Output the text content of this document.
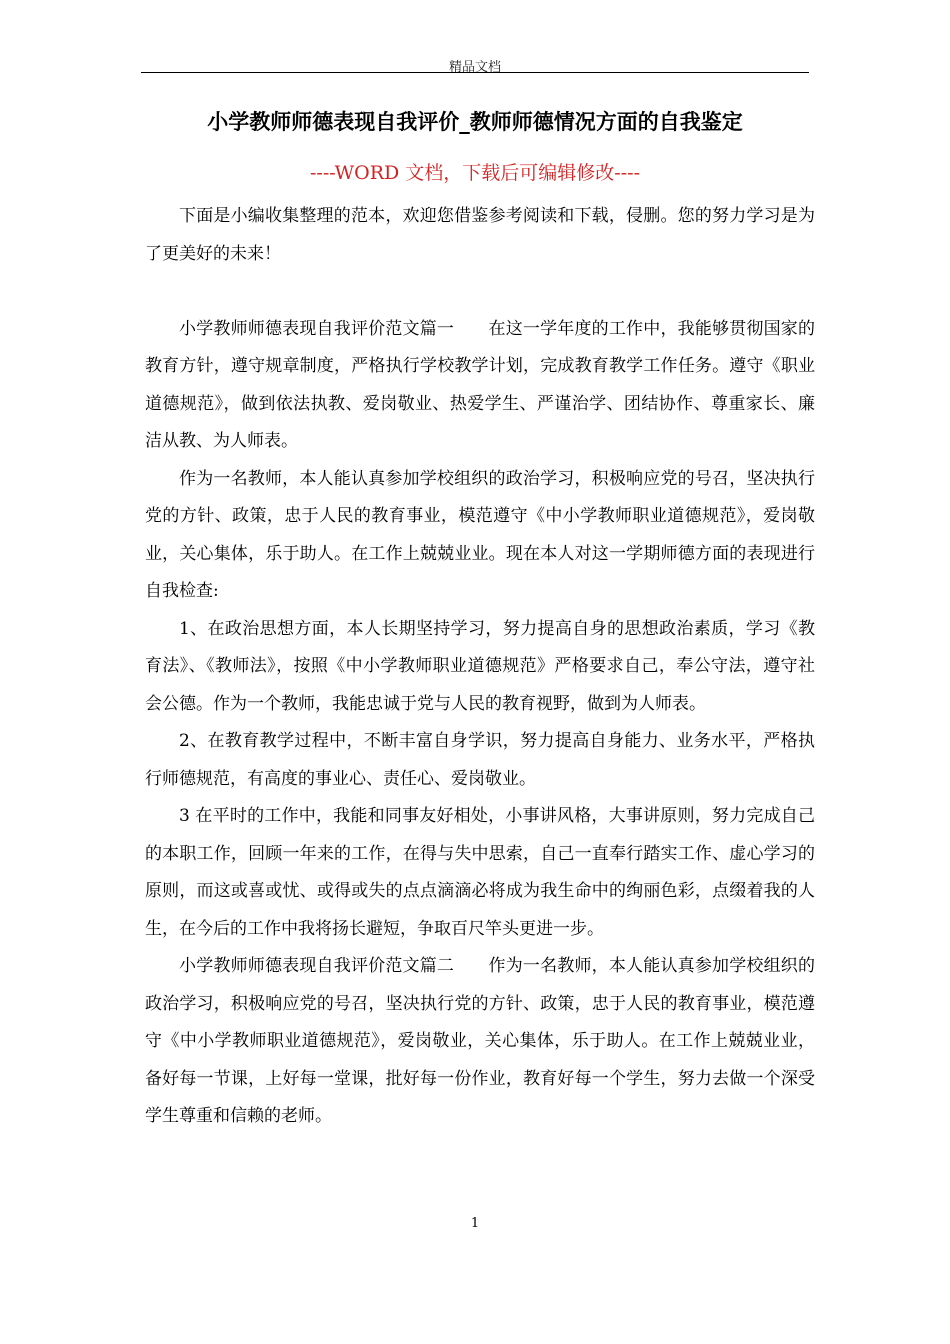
精品文档
小学教师师德表现自我评价_教师师德情况方面的自我鉴定
----WORD 文档，下载后可编辑修改----

下面是小编收集整理的范本，欢迎您借鉴参考阅读和下载，侵删。您的努力学习是为了更美好的未来！

小学教师师德表现自我评价范文篇一　　在这一学年度的工作中，我能够贯彻国家的教育方针，遵守规章制度，严格执行学校教学计划，完成教育教学工作任务。遵守《职业道德规范》，做到依法执教、爱岗敬业、热爱学生、严谨治学、团结协作、尊重家长、廉洁从教、为人师表。

作为一名教师，本人能认真参加学校组织的政治学习，积极响应党的号召，坚决执行党的方针、政策，忠于人民的教育事业，模范遵守《中小学教师职业道德规范》，爱岗敬业，关心集体，乐于助人。在工作上兢兢业业。现在本人对这一学期师德方面的表现进行自我检查:

1、在政治思想方面，本人长期坚持学习，努力提高自身的思想政治素质，学习《教育法》、《教师法》，按照《中小学教师职业道德规范》严格要求自己，奉公守法，遵守社会公德。作为一个教师，我能忠诚于党与人民的教育视野，做到为人师表。

2、在教育教学过程中，不断丰富自身学识，努力提高自身能力、业务水平，严格执行师德规范，有高度的事业心、责任心、爱岗敬业。

3 在平时的工作中，我能和同事友好相处，小事讲风格，大事讲原则，努力完成自己的本职工作，回顾一年来的工作，在得与失中思索，自己一直奉行踏实工作、虚心学习的原则，而这或喜或忧、或得或失的点点滴滴必将成为我生命中的绚丽色彩，点缀着我的人生，在今后的工作中我将扬长避短，争取百尺竿头更进一步。

小学教师师德表现自我评价范文篇二　　作为一名教师，本人能认真参加学校组织的政治学习，积极响应党的号召，坚决执行党的方针、政策，忠于人民的教育事业，模范遵守《中小学教师职业道德规范》，爱岗敬业，关心集体，乐于助人。在工作上兢兢业业，备好每一节课，上好每一堂课，批好每一份作业，教育好每一个学生，努力去做一个深受学生尊重和信赖的老师。

1
